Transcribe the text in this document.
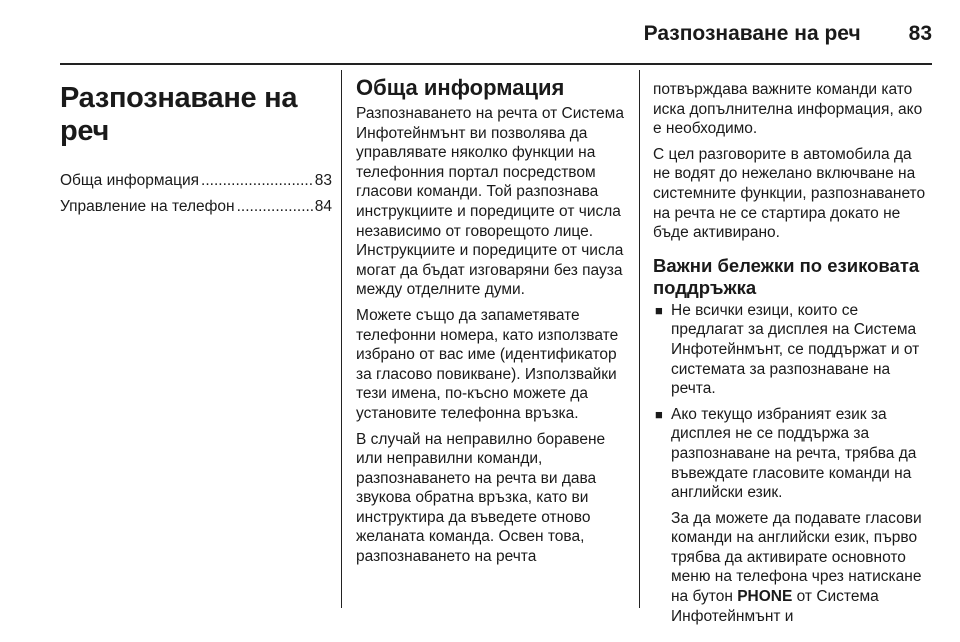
Разпознаване на реч 83
Разпознаване на реч
Обща информация .....	83
Управление на телефон .....	84
Обща информация

Разпознаването на речта от Система Инфотейнмънт ви позволява да управлявате няколко функции на телефонния портал посредством гласови команди. Той разпознава инструкциите и поредиците от числа независимо от говорещото лице. Инструкциите и поредиците от числа могат да бъдат изговаряни без пауза между отделните думи.

Можете също да запаметявате телефонни номера, като използвате избрано от вас име (идентификатор за гласово повикване). Използвайки тези имена, по-късно можете да установите телефонна връзка.

В случай на неправилно боравене или неправилни команди, разпознаването на речта ви дава звукова обратна връзка, като ви инструктира да въведете отново желаната команда. Освен това, разпознаването на речта

потвърждава важните команди като иска допълнителна информация, ако е необходимо.

С цел разговорите в автомобила да не водят до нежелано включване на системните функции, разпознаването на речта не се стартира докато не бъде активирано.

Важни бележки по езиковата поддръжка
■ Не всички езици, които се предлагат за дисплея на Система Инфотейнмънт, се поддържат и от системата за разпознаване на речта.
■ Ако текущо избраният език за дисплея не се поддържа за разпознаване на речта, трябва да въвеждате гласовите команди на английски език.

За да можете да подавате гласови команди на английски език, първо трябва да активирате основното меню на телефона чрез натискане на бутон PHONE от Система Инфотейнмънт и
